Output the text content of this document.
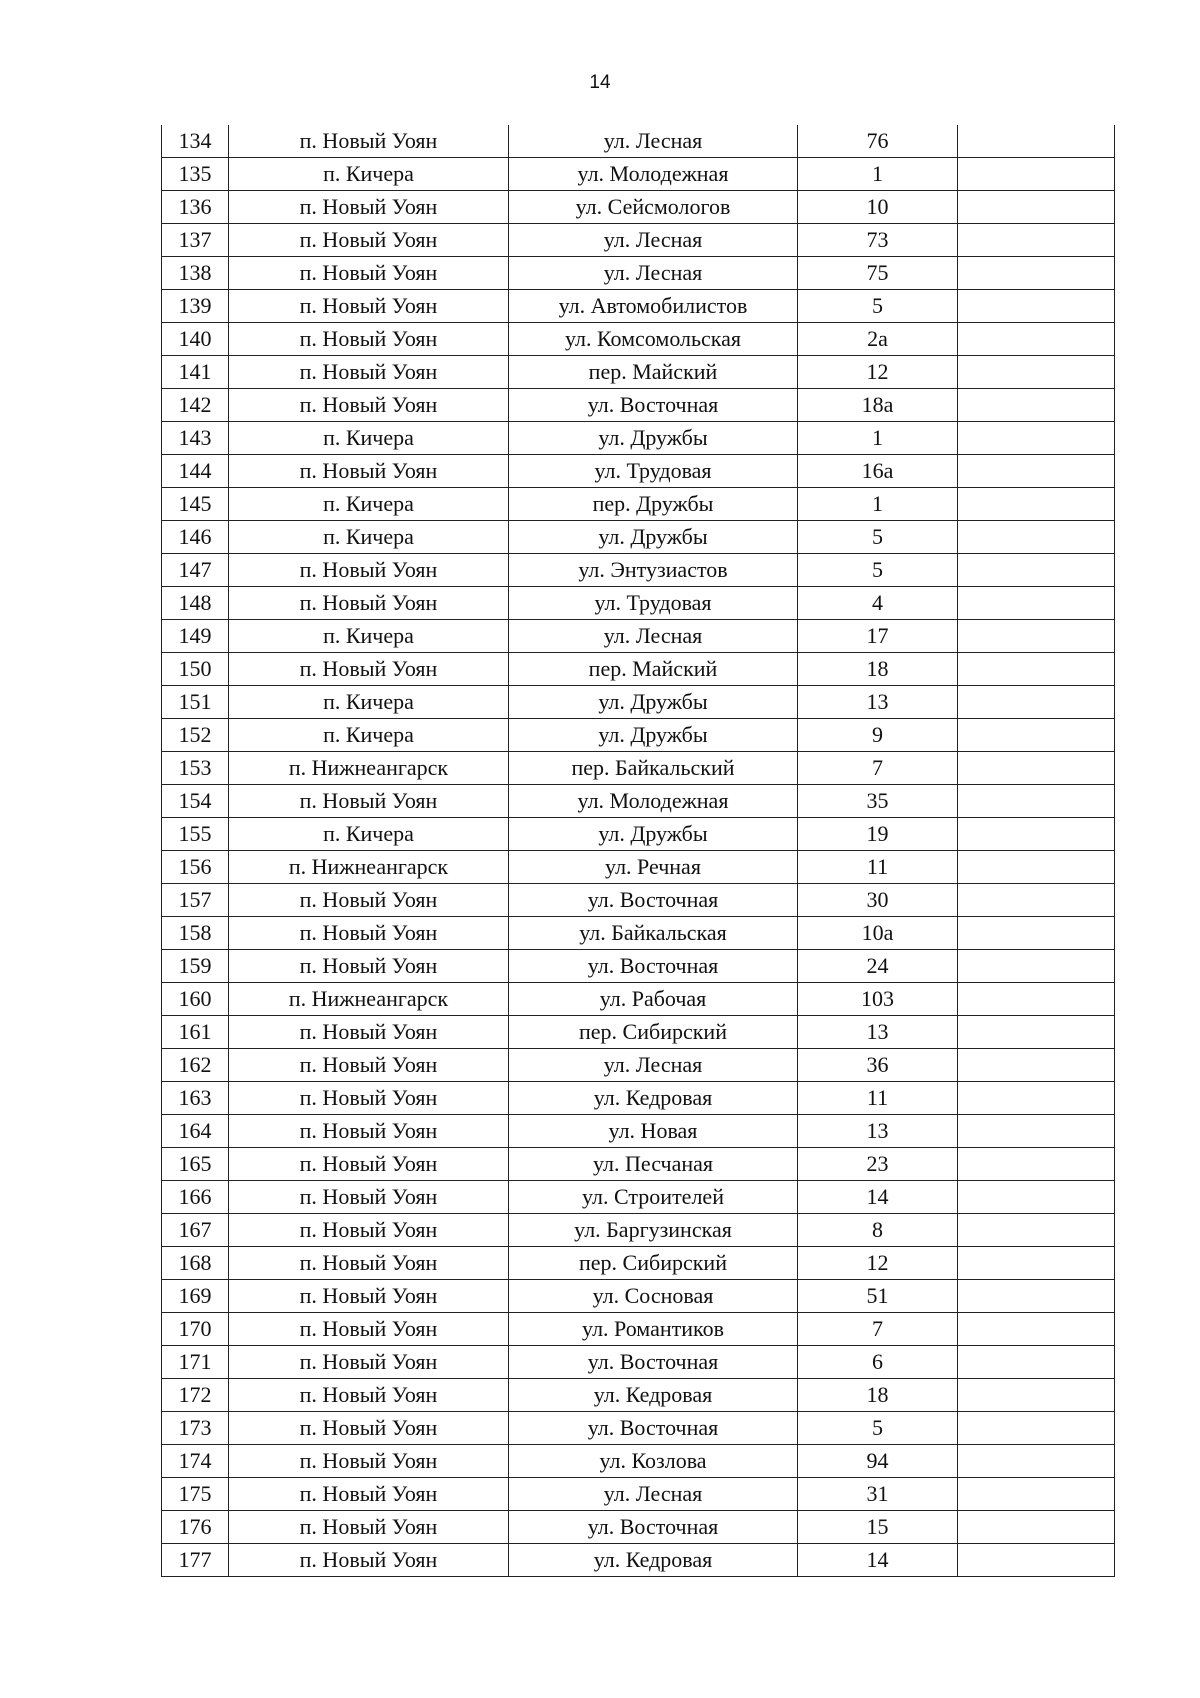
14
134	п. Новый Уоян	ул. Лесная	76	
135	п. Кичера	ул. Молодежная	1	
136	п. Новый Уоян	ул. Сейсмологов	10	
137	п. Новый Уоян	ул. Лесная	73	
138	п. Новый Уоян	ул. Лесная	75	
139	п. Новый Уоян	ул. Автомобилистов	5	
140	п. Новый Уоян	ул. Комсомольская	2а	
141	п. Новый Уоян	пер. Майский	12	
142	п. Новый Уоян	ул. Восточная	18а	
143	п. Кичера	ул. Дружбы	1	
144	п. Новый Уоян	ул. Трудовая	16а	
145	п. Кичера	пер. Дружбы	1	
146	п. Кичера	ул. Дружбы	5	
147	п. Новый Уоян	ул. Энтузиастов	5	
148	п. Новый Уоян	ул. Трудовая	4	
149	п. Кичера	ул. Лесная	17	
150	п. Новый Уоян	пер. Майский	18	
151	п. Кичера	ул. Дружбы	13	
152	п. Кичера	ул. Дружбы	9	
153	п. Нижнеангарск	пер. Байкальский	7	
154	п. Новый Уоян	ул. Молодежная	35	
155	п. Кичера	ул. Дружбы	19	
156	п. Нижнеангарск	ул. Речная	11	
157	п. Новый Уоян	ул. Восточная	30	
158	п. Новый Уоян	ул. Байкальская	10а	
159	п. Новый Уоян	ул. Восточная	24	
160	п. Нижнеангарск	ул. Рабочая	103	
161	п. Новый Уоян	пер. Сибирский	13	
162	п. Новый Уоян	ул. Лесная	36	
163	п. Новый Уоян	ул. Кедровая	11	
164	п. Новый Уоян	ул. Новая	13	
165	п. Новый Уоян	ул. Песчаная	23	
166	п. Новый Уоян	ул. Строителей	14	
167	п. Новый Уоян	ул. Баргузинская	8	
168	п. Новый Уоян	пер. Сибирский	12	
169	п. Новый Уоян	ул. Сосновая	51	
170	п. Новый Уоян	ул. Романтиков	7	
171	п. Новый Уоян	ул. Восточная	6	
172	п. Новый Уоян	ул. Кедровая	18	
173	п. Новый Уоян	ул. Восточная	5	
174	п. Новый Уоян	ул. Козлова	94	
175	п. Новый Уоян	ул. Лесная	31	
176	п. Новый Уоян	ул. Восточная	15	
177	п. Новый Уоян	ул. Кедровая	14	
